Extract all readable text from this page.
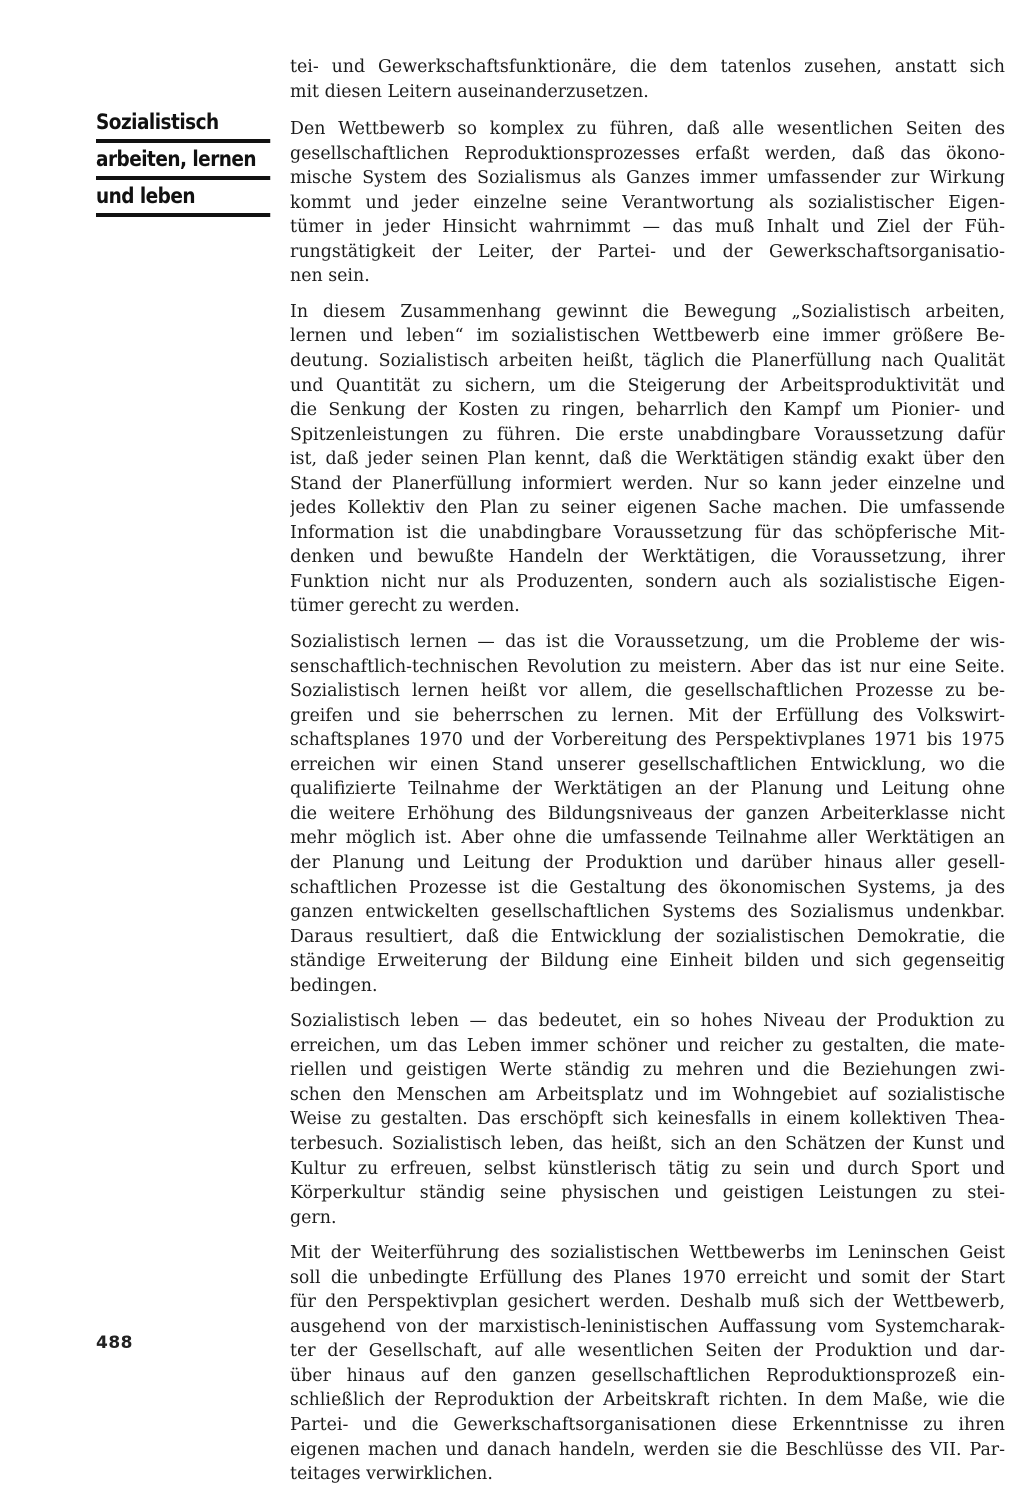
Sozialistisch
arbeiten, lernen
und leben
tei- und Gewerkschaftsfunktionäre, die dem tatenlos zusehen, anstatt sich
mit diesen Leitern auseinanderzusetzen.
Den Wettbewerb so komplex zu führen, daß alle wesentlichen Seiten des
gesellschaftlichen Reproduktionsprozesses erfaßt werden, daß das ökono-
mische System des Sozialismus als Ganzes immer umfassender zur Wirkung
kommt und jeder einzelne seine Verantwortung als sozialistischer Eigen-
tümer in jeder Hinsicht wahrnimmt — das muß Inhalt und Ziel der Füh-
rungstätigkeit der Leiter, der Partei- und der Gewerkschaftsorganisatio-
nen sein.
In diesem Zusammenhang gewinnt die Bewegung „Sozialistisch arbeiten,
lernen und leben“ im sozialistischen Wettbewerb eine immer größere Be-
deutung. Sozialistisch arbeiten heißt, täglich die Planerfüllung nach Qualität
und Quantität zu sichern, um die Steigerung der Arbeitsproduktivität und
die Senkung der Kosten zu ringen, beharrlich den Kampf um Pionier- und
Spitzenleistungen zu führen. Die erste unabdingbare Voraussetzung dafür
ist, daß jeder seinen Plan kennt, daß die Werktätigen ständig exakt über den
Stand der Planerfüllung informiert werden. Nur so kann jeder einzelne und
jedes Kollektiv den Plan zu seiner eigenen Sache machen. Die umfassende
Information ist die unabdingbare Voraussetzung für das schöpferische Mit-
denken und bewußte Handeln der Werktätigen, die Voraussetzung, ihrer
Funktion nicht nur als Produzenten, sondern auch als sozialistische Eigen-
tümer gerecht zu werden.
Sozialistisch lernen — das ist die Voraussetzung, um die Probleme der wis-
senschaftlich-technischen Revolution zu meistern. Aber das ist nur eine Seite.
Sozialistisch lernen heißt vor allem, die gesellschaftlichen Prozesse zu be-
greifen und sie beherrschen zu lernen. Mit der Erfüllung des Volkswirt-
schaftsplanes 1970 und der Vorbereitung des Perspektivplanes 1971 bis 1975
erreichen wir einen Stand unserer gesellschaftlichen Entwicklung, wo die
qualifizierte Teilnahme der Werktätigen an der Planung und Leitung ohne
die weitere Erhöhung des Bildungsniveaus der ganzen Arbeiterklasse nicht
mehr möglich ist. Aber ohne die umfassende Teilnahme aller Werktätigen an
der Planung und Leitung der Produktion und darüber hinaus aller gesell-
schaftlichen Prozesse ist die Gestaltung des ökonomischen Systems, ja des
ganzen entwickelten gesellschaftlichen Systems des Sozialismus undenkbar.
Daraus resultiert, daß die Entwicklung der sozialistischen Demokratie, die
ständige Erweiterung der Bildung eine Einheit bilden und sich gegenseitig
bedingen.
Sozialistisch leben — das bedeutet, ein so hohes Niveau der Produktion zu
erreichen, um das Leben immer schöner und reicher zu gestalten, die mate-
riellen und geistigen Werte ständig zu mehren und die Beziehungen zwi-
schen den Menschen am Arbeitsplatz und im Wohngebiet auf sozialistische
Weise zu gestalten. Das erschöpft sich keinesfalls in einem kollektiven Thea-
terbesuch. Sozialistisch leben, das heißt, sich an den Schätzen der Kunst und
Kultur zu erfreuen, selbst künstlerisch tätig zu sein und durch Sport und
Körperkultur ständig seine physischen und geistigen Leistungen zu stei-
gern.
Mit der Weiterführung des sozialistischen Wettbewerbs im Leninschen Geist
soll die unbedingte Erfüllung des Planes 1970 erreicht und somit der Start
für den Perspektivplan gesichert werden. Deshalb muß sich der Wettbewerb,
ausgehend von der marxistisch-leninistischen Auffassung vom Systemcharak-
ter der Gesellschaft, auf alle wesentlichen Seiten der Produktion und dar-
über hinaus auf den ganzen gesellschaftlichen Reproduktionsprozeß ein-
schließlich der Reproduktion der Arbeitskraft richten. In dem Maße, wie die
Partei- und die Gewerkschaftsorganisationen diese Erkenntnisse zu ihren
eigenen machen und danach handeln, werden sie die Beschlüsse des VII. Par-
teitages verwirklichen.
488
